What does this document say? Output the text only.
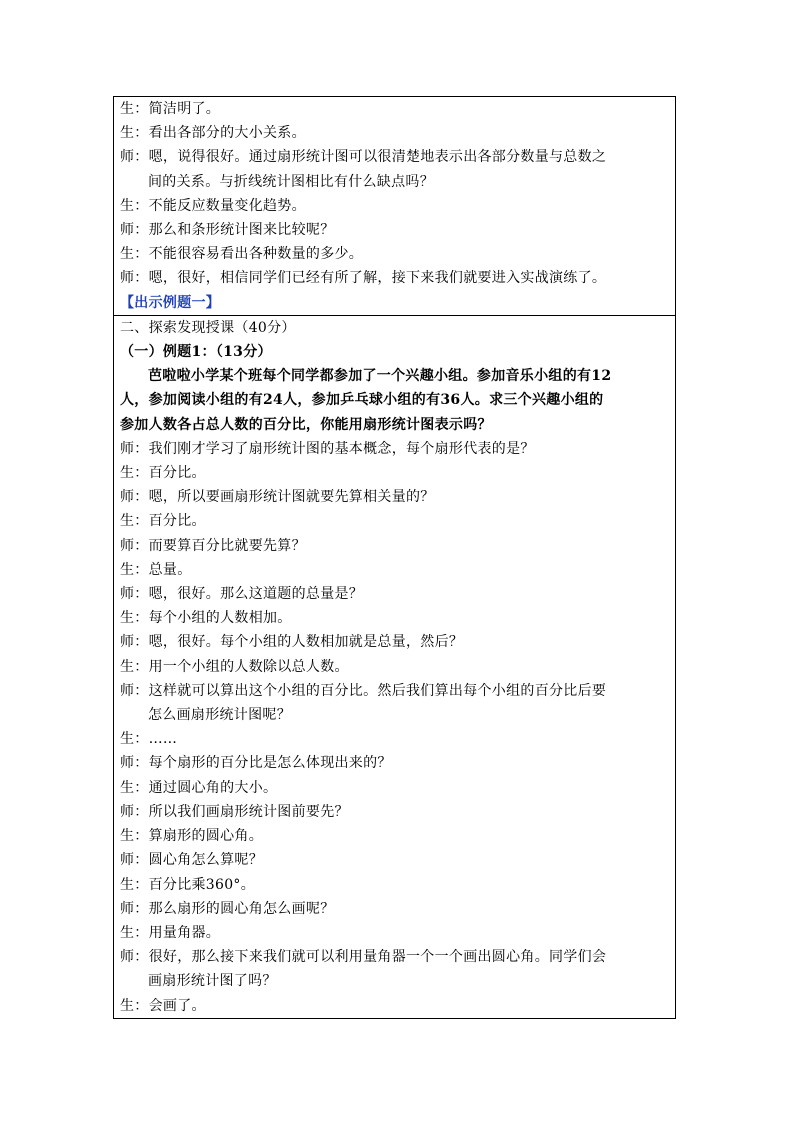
生：简洁明了。
生：看出各部分的大小关系。
师：嗯，说得很好。通过扇形统计图可以很清楚地表示出各部分数量与总数之
间的关系。与折线统计图相比有什么缺点吗？
生：不能反应数量变化趋势。
师：那么和条形统计图来比较呢？
生：不能很容易看出各种数量的多少。
师：嗯，很好，相信同学们已经有所了解，接下来我们就要进入实战演练了。
【出示例题一】
二、探索发现授课（40分）
（一）例题1：（13分）
芭啦啦小学某个班每个同学都参加了一个兴趣小组。参加音乐小组的有12
人，参加阅读小组的有24人，参加乒乓球小组的有36人。求三个兴趣小组的
参加人数各占总人数的百分比，你能用扇形统计图表示吗？
师：我们刚才学习了扇形统计图的基本概念，每个扇形代表的是？
生：百分比。
师：嗯，所以要画扇形统计图就要先算相关量的？
生：百分比。
师：而要算百分比就要先算？
生：总量。
师：嗯，很好。那么这道题的总量是？
生：每个小组的人数相加。
师：嗯，很好。每个小组的人数相加就是总量，然后？
生：用一个小组的人数除以总人数。
师：这样就可以算出这个小组的百分比。然后我们算出每个小组的百分比后要
怎么画扇形统计图呢？
生：……
师：每个扇形的百分比是怎么体现出来的？
生：通过圆心角的大小。
师：所以我们画扇形统计图前要先？
生：算扇形的圆心角。
师：圆心角怎么算呢？
生：百分比乘360°。
师：那么扇形的圆心角怎么画呢？
生：用量角器。
师：很好，那么接下来我们就可以利用量角器一个一个画出圆心角。同学们会
画扇形统计图了吗？
生：会画了。
